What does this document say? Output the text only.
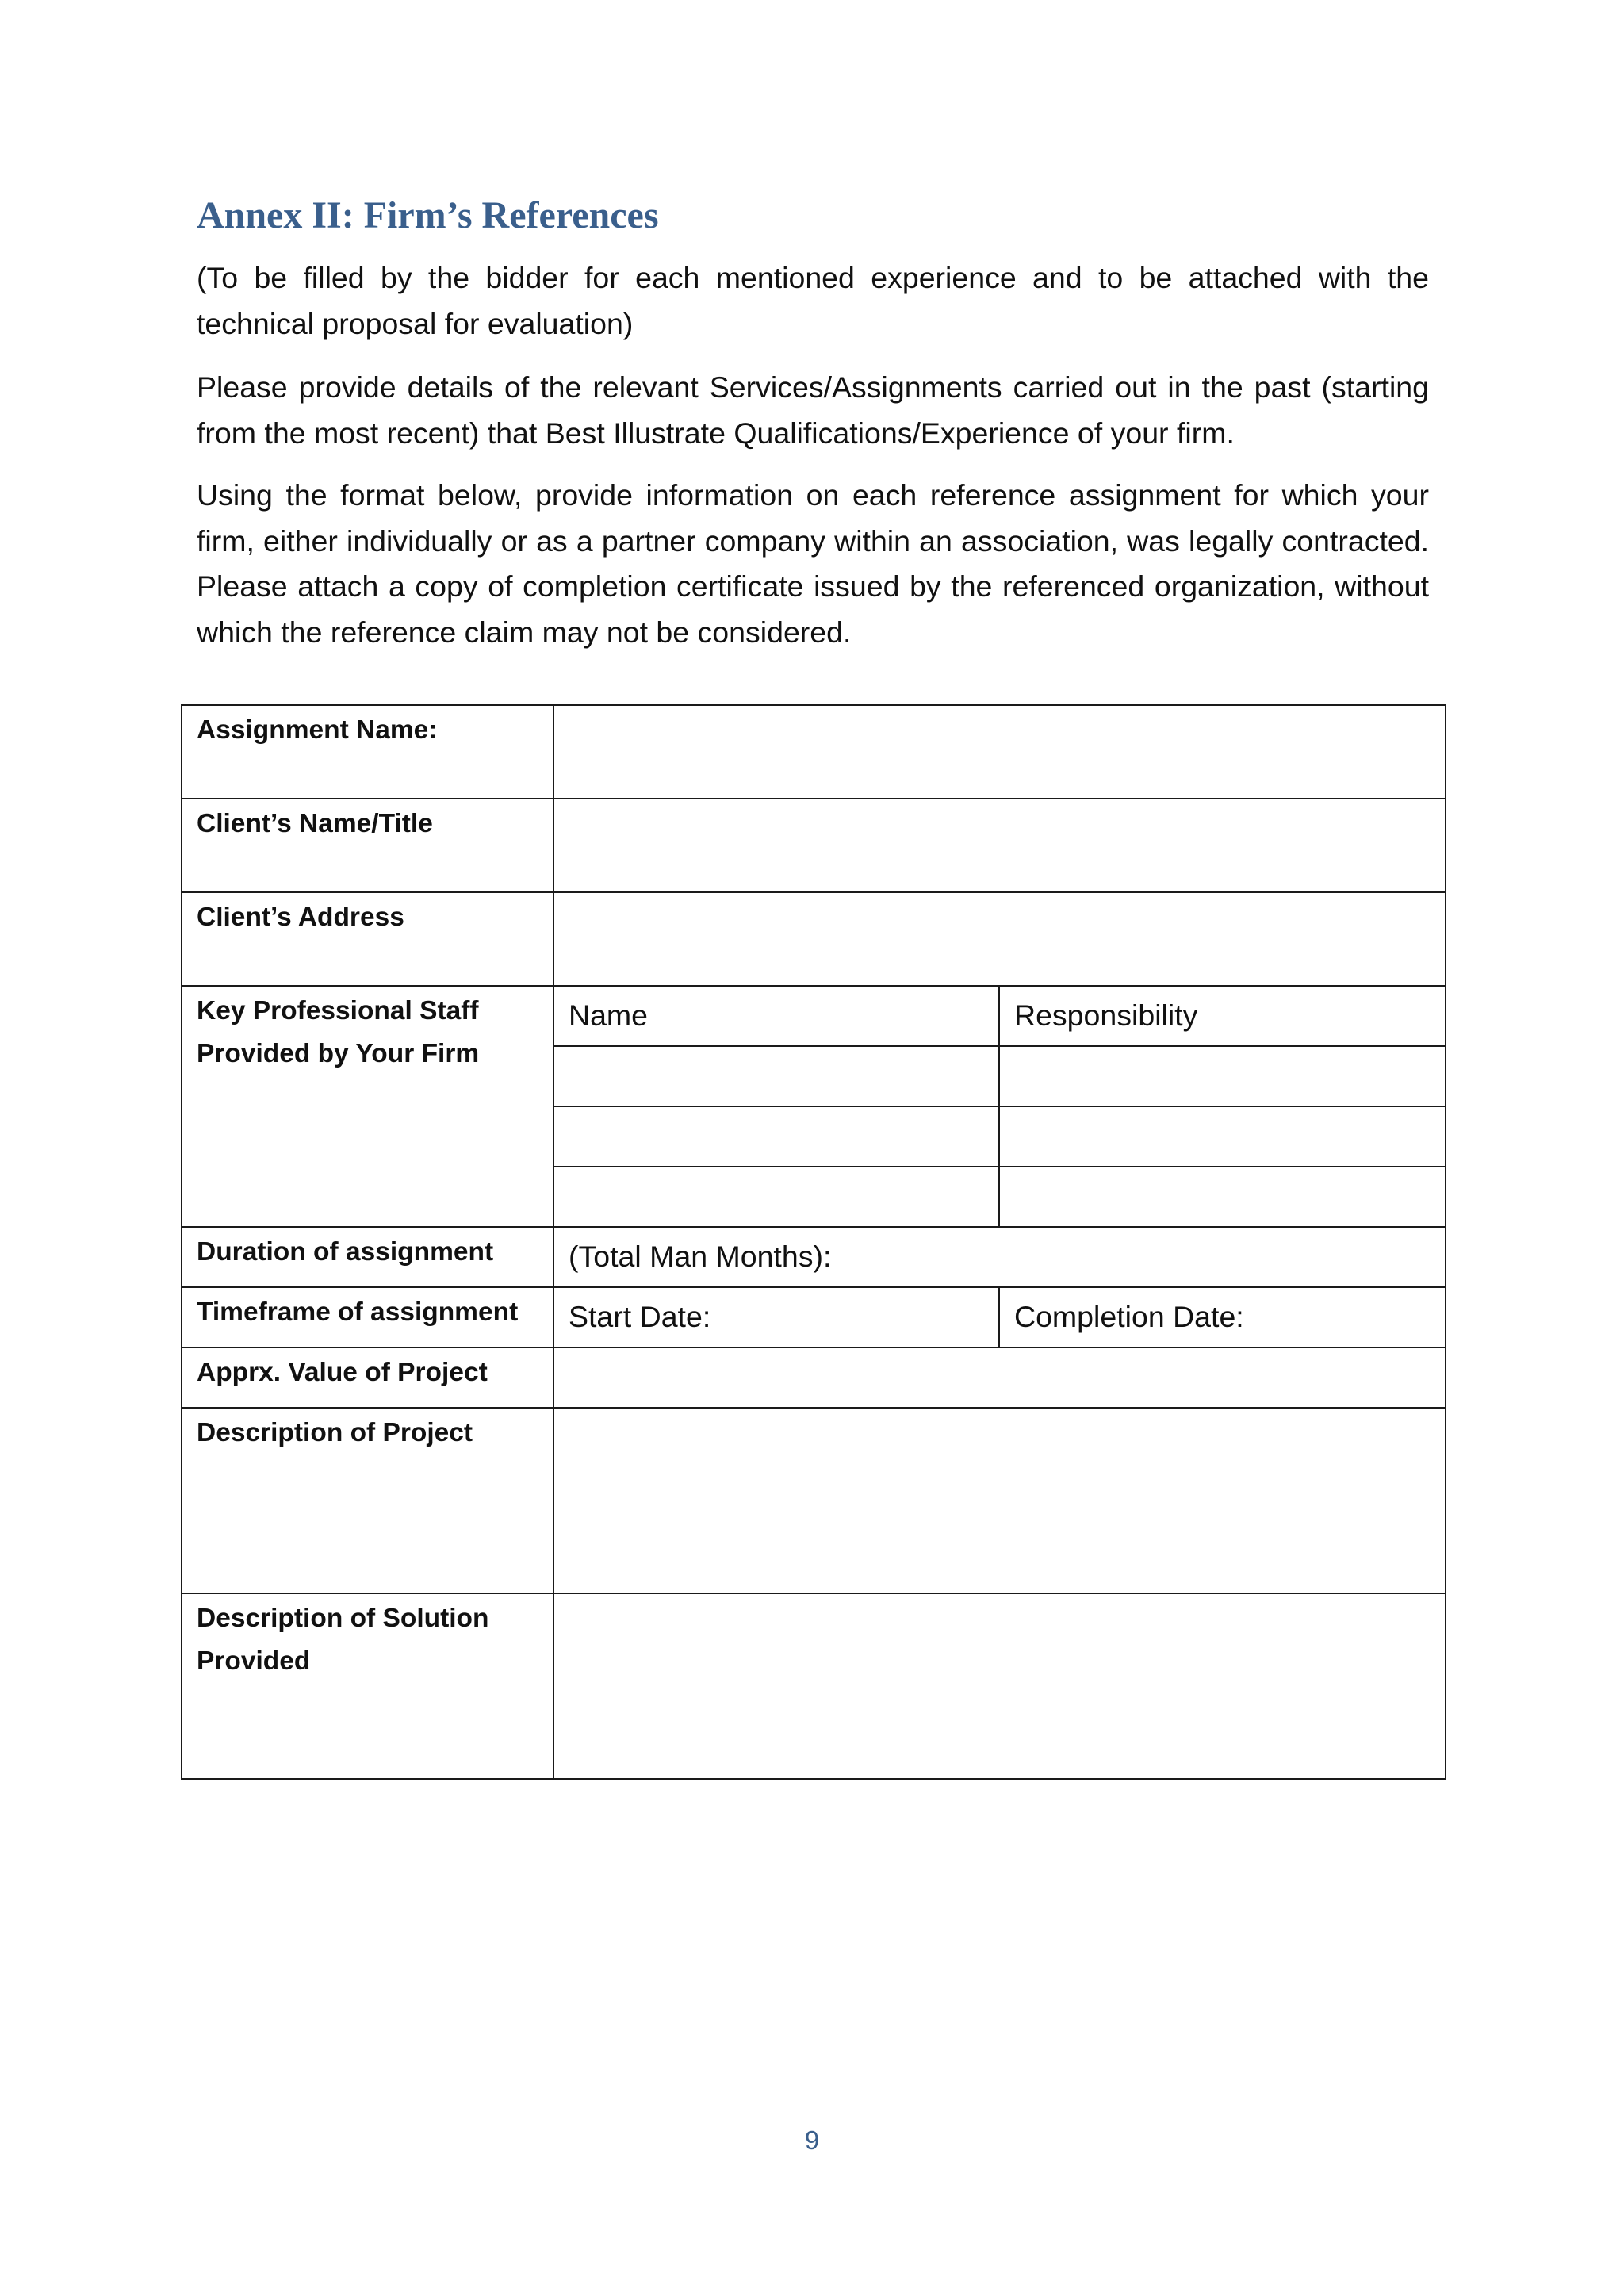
Annex II: Firm’s References

(To be filled by the bidder for each mentioned experience and to be attached with the technical proposal for evaluation)

Please provide details of the relevant Services/Assignments carried out in the past (starting from the most recent) that Best Illustrate Qualifications/Experience of your firm.

Using the format below, provide information on each reference assignment for which your firm, either individually or as a partner company within an association, was legally contracted. Please attach a copy of completion certificate issued by the referenced organization, without which the reference claim may not be considered.

Assignment Name:		
Client’s Name/Title		
Client’s Address		
Key Professional Staff Provided by Your Firm	Name	Responsibility

Duration of assignment	(Total Man Months):	
Timeframe of assignment	Start Date:	Completion Date:
Apprx. Value of Project		
Description of Project		
Description of Solution Provided		
9
